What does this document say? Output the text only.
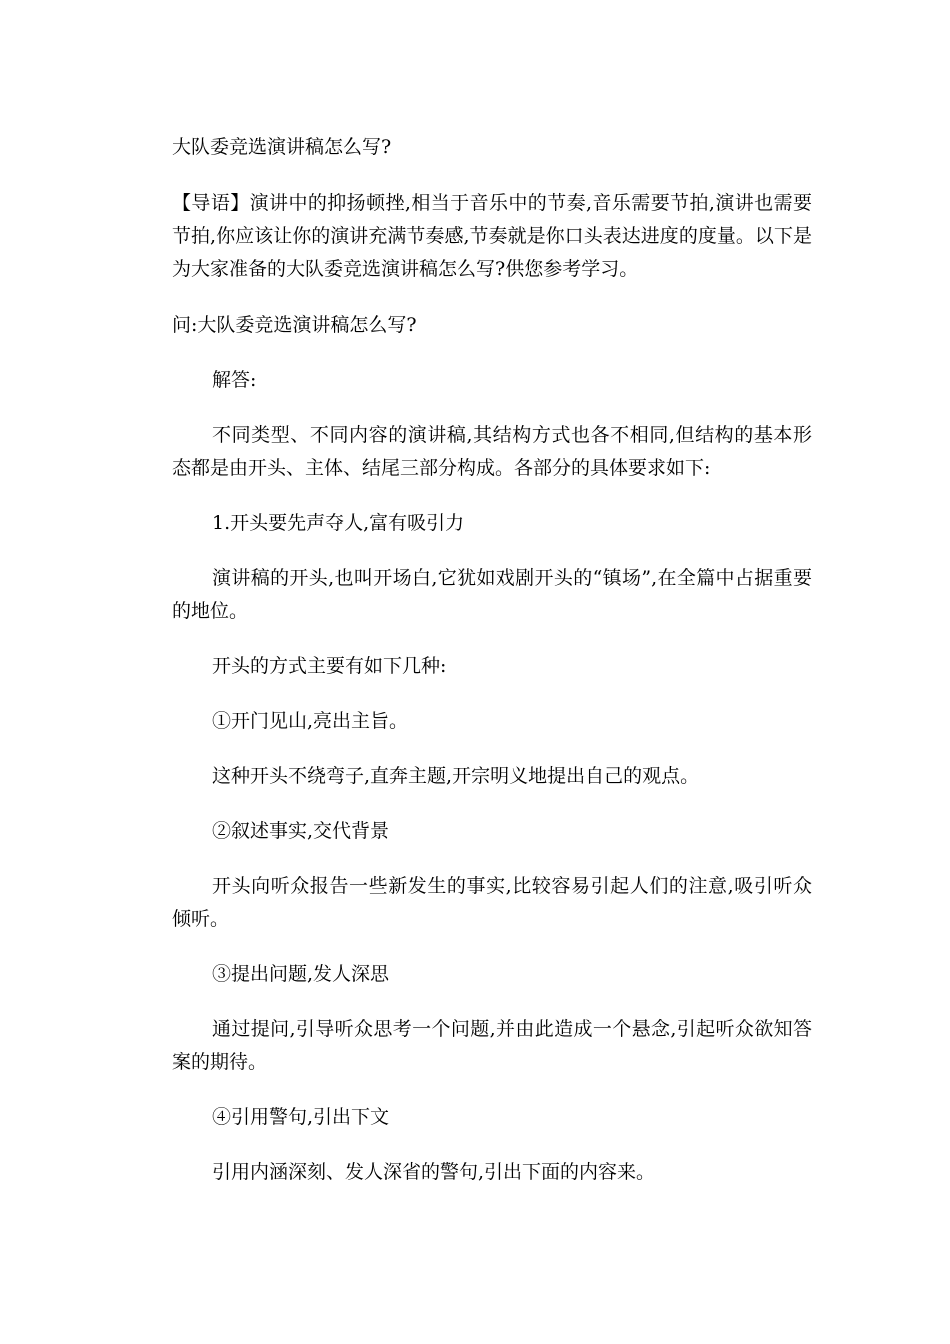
大队委竞选演讲稿怎么写?

【导语】演讲中的抑扬顿挫,相当于音乐中的节奏,音乐需要节拍,演讲也需要节拍,你应该让你的演讲充满节奏感,节奏就是你口头表达进度的度量。以下是为大家准备的大队委竞选演讲稿怎么写?供您参考学习。

问:大队委竞选演讲稿怎么写?

解答:

不同类型、不同内容的演讲稿,其结构方式也各不相同,但结构的基本形态都是由开头、主体、结尾三部分构成。各部分的具体要求如下:

1.开头要先声夺人,富有吸引力

演讲稿的开头,也叫开场白,它犹如戏剧开头的“镇场”,在全篇中占据重要的地位。

开头的方式主要有如下几种:

①开门见山,亮出主旨。

这种开头不绕弯子,直奔主题,开宗明义地提出自己的观点。

②叙述事实,交代背景

开头向听众报告一些新发生的事实,比较容易引起人们的注意,吸引听众倾听。

③提出问题,发人深思

通过提问,引导听众思考一个问题,并由此造成一个悬念,引起听众欲知答案的期待。

④引用警句,引出下文

引用内涵深刻、发人深省的警句,引出下面的内容来。
